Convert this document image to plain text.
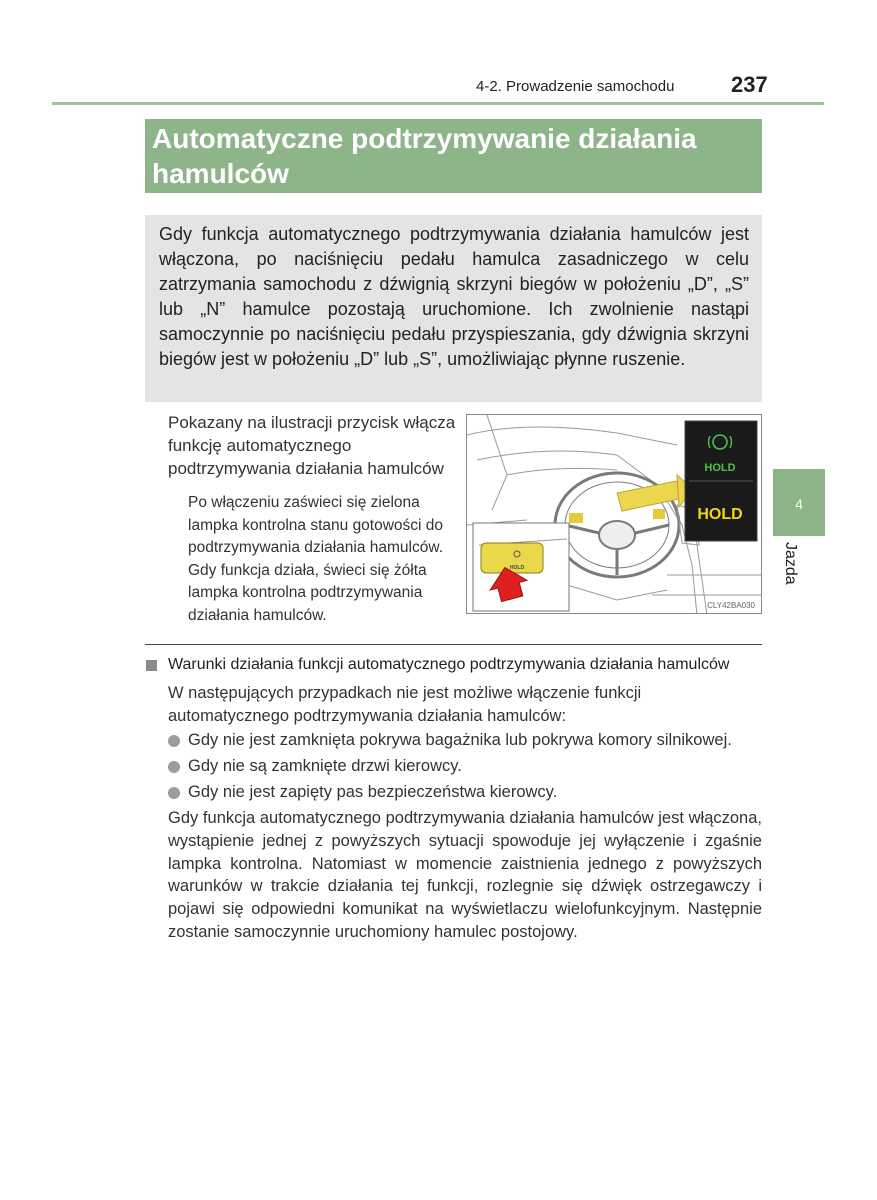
4-2. Prowadzenie samochodu	237
Automatyczne podtrzymywanie działania hamulców
Gdy funkcja automatycznego podtrzymywania działania hamulców jest włączona, po naciśnięciu pedału hamulca zasadniczego w celu zatrzymania samochodu z dźwignią skrzyni biegów w położeniu „D”, „S” lub „N” hamulce pozostają uruchomione. Ich zwolnienie nastąpi samoczynnie po naciśnięciu pedału przyspieszania, gdy dźwignia skrzyni biegów jest w położeniu „D” lub „S”, umożliwiając płynne ruszenie.
Pokazany na ilustracji przycisk włącza funkcję automatycznego podtrzymywania działania hamulców
Po włączeniu zaświeci się zielona lampka kontrolna stanu gotowości do podtrzymywania działania hamulców. Gdy funkcja działa, świeci się żółta lampka kontrolna podtrzymywania działania hamulców.
HOLD
HOLD
HOLD
CLY42BA030
4
Jazda
Warunki działania funkcji automatycznego podtrzymywania działania hamulców
W następujących przypadkach nie jest możliwe włączenie funkcji automatycznego podtrzymywania działania hamulców:
Gdy nie jest zamknięta pokrywa bagażnika lub pokrywa komory silnikowej.
Gdy nie są zamknięte drzwi kierowcy.
Gdy nie jest zapięty pas bezpieczeństwa kierowcy.
Gdy funkcja automatycznego podtrzymywania działania hamulców jest włączona, wystąpienie jednej z powyższych sytuacji spowoduje jej wyłączenie i zgaśnie lampka kontrolna. Natomiast w momencie zaistnienia jednego z powyższych warunków w trakcie działania tej funkcji, rozlegnie się dźwięk ostrzegawczy i pojawi się odpowiedni komunikat na wyświetlaczu wielofunkcyjnym. Następnie zostanie samoczynnie uruchomiony hamulec postojowy.
